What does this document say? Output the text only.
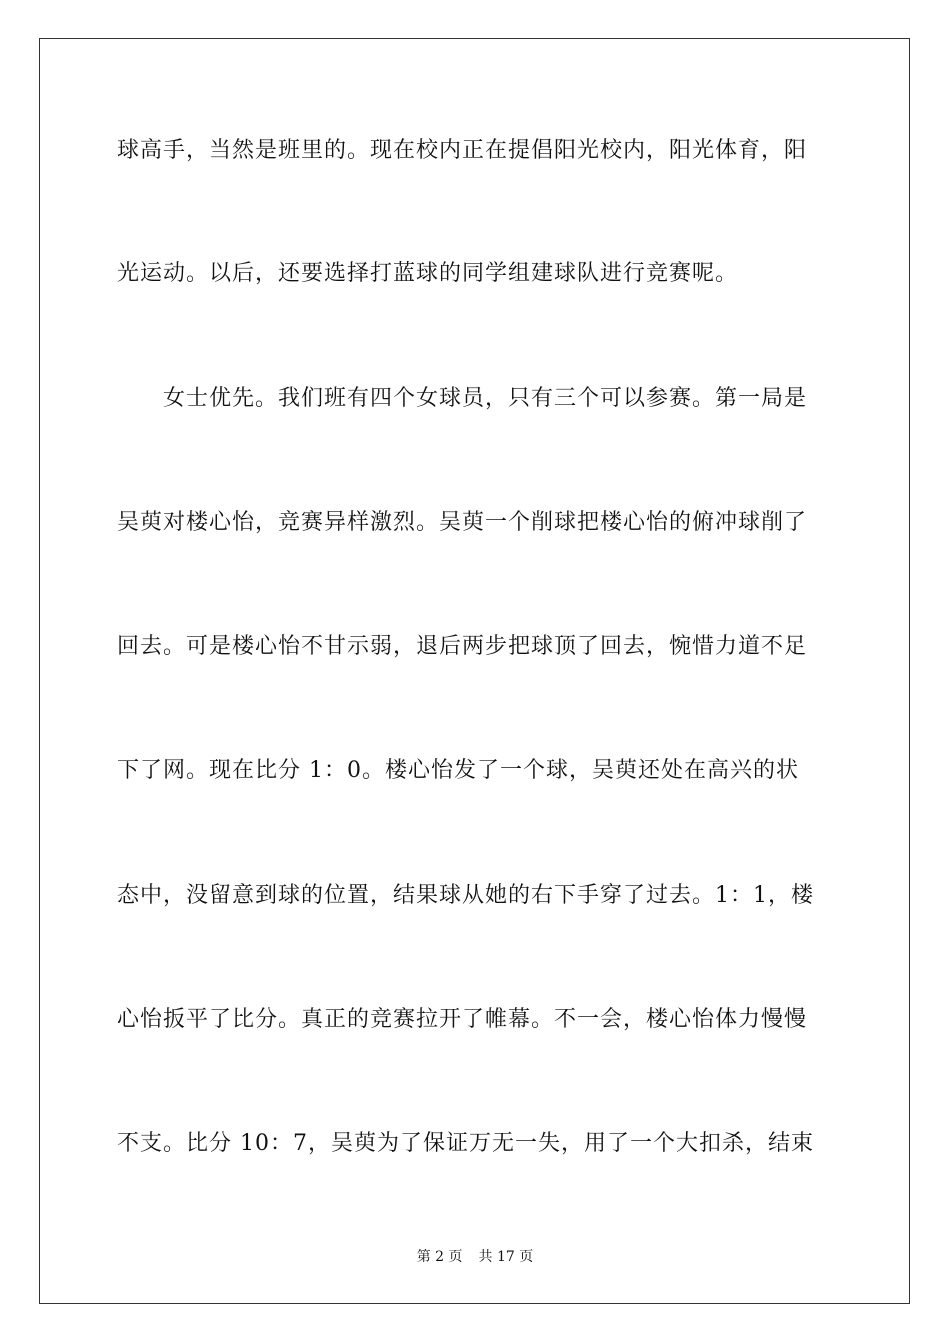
球高手，当然是班里的。现在校内正在提倡阳光校内，阳光体育，阳
光运动。以后，还要选择打蓝球的同学组建球队进行竞赛呢。
女士优先。我们班有四个女球员，只有三个可以参赛。第一局是
吴萸对楼心怡，竞赛异样激烈。吴萸一个削球把楼心怡的俯冲球削了
回去。可是楼心怡不甘示弱，退后两步把球顶了回去，惋惜力道不足
下了网。现在比分 1：0。楼心怡发了一个球，吴萸还处在高兴的状
态中，没留意到球的位置，结果球从她的右下手穿了过去。1：1，楼
心怡扳平了比分。真正的竞赛拉开了帷幕。不一会，楼心怡体力慢慢
不支。比分 10：7，吴萸为了保证万无一失，用了一个大扣杀，结束
第 2 页 共 17 页
